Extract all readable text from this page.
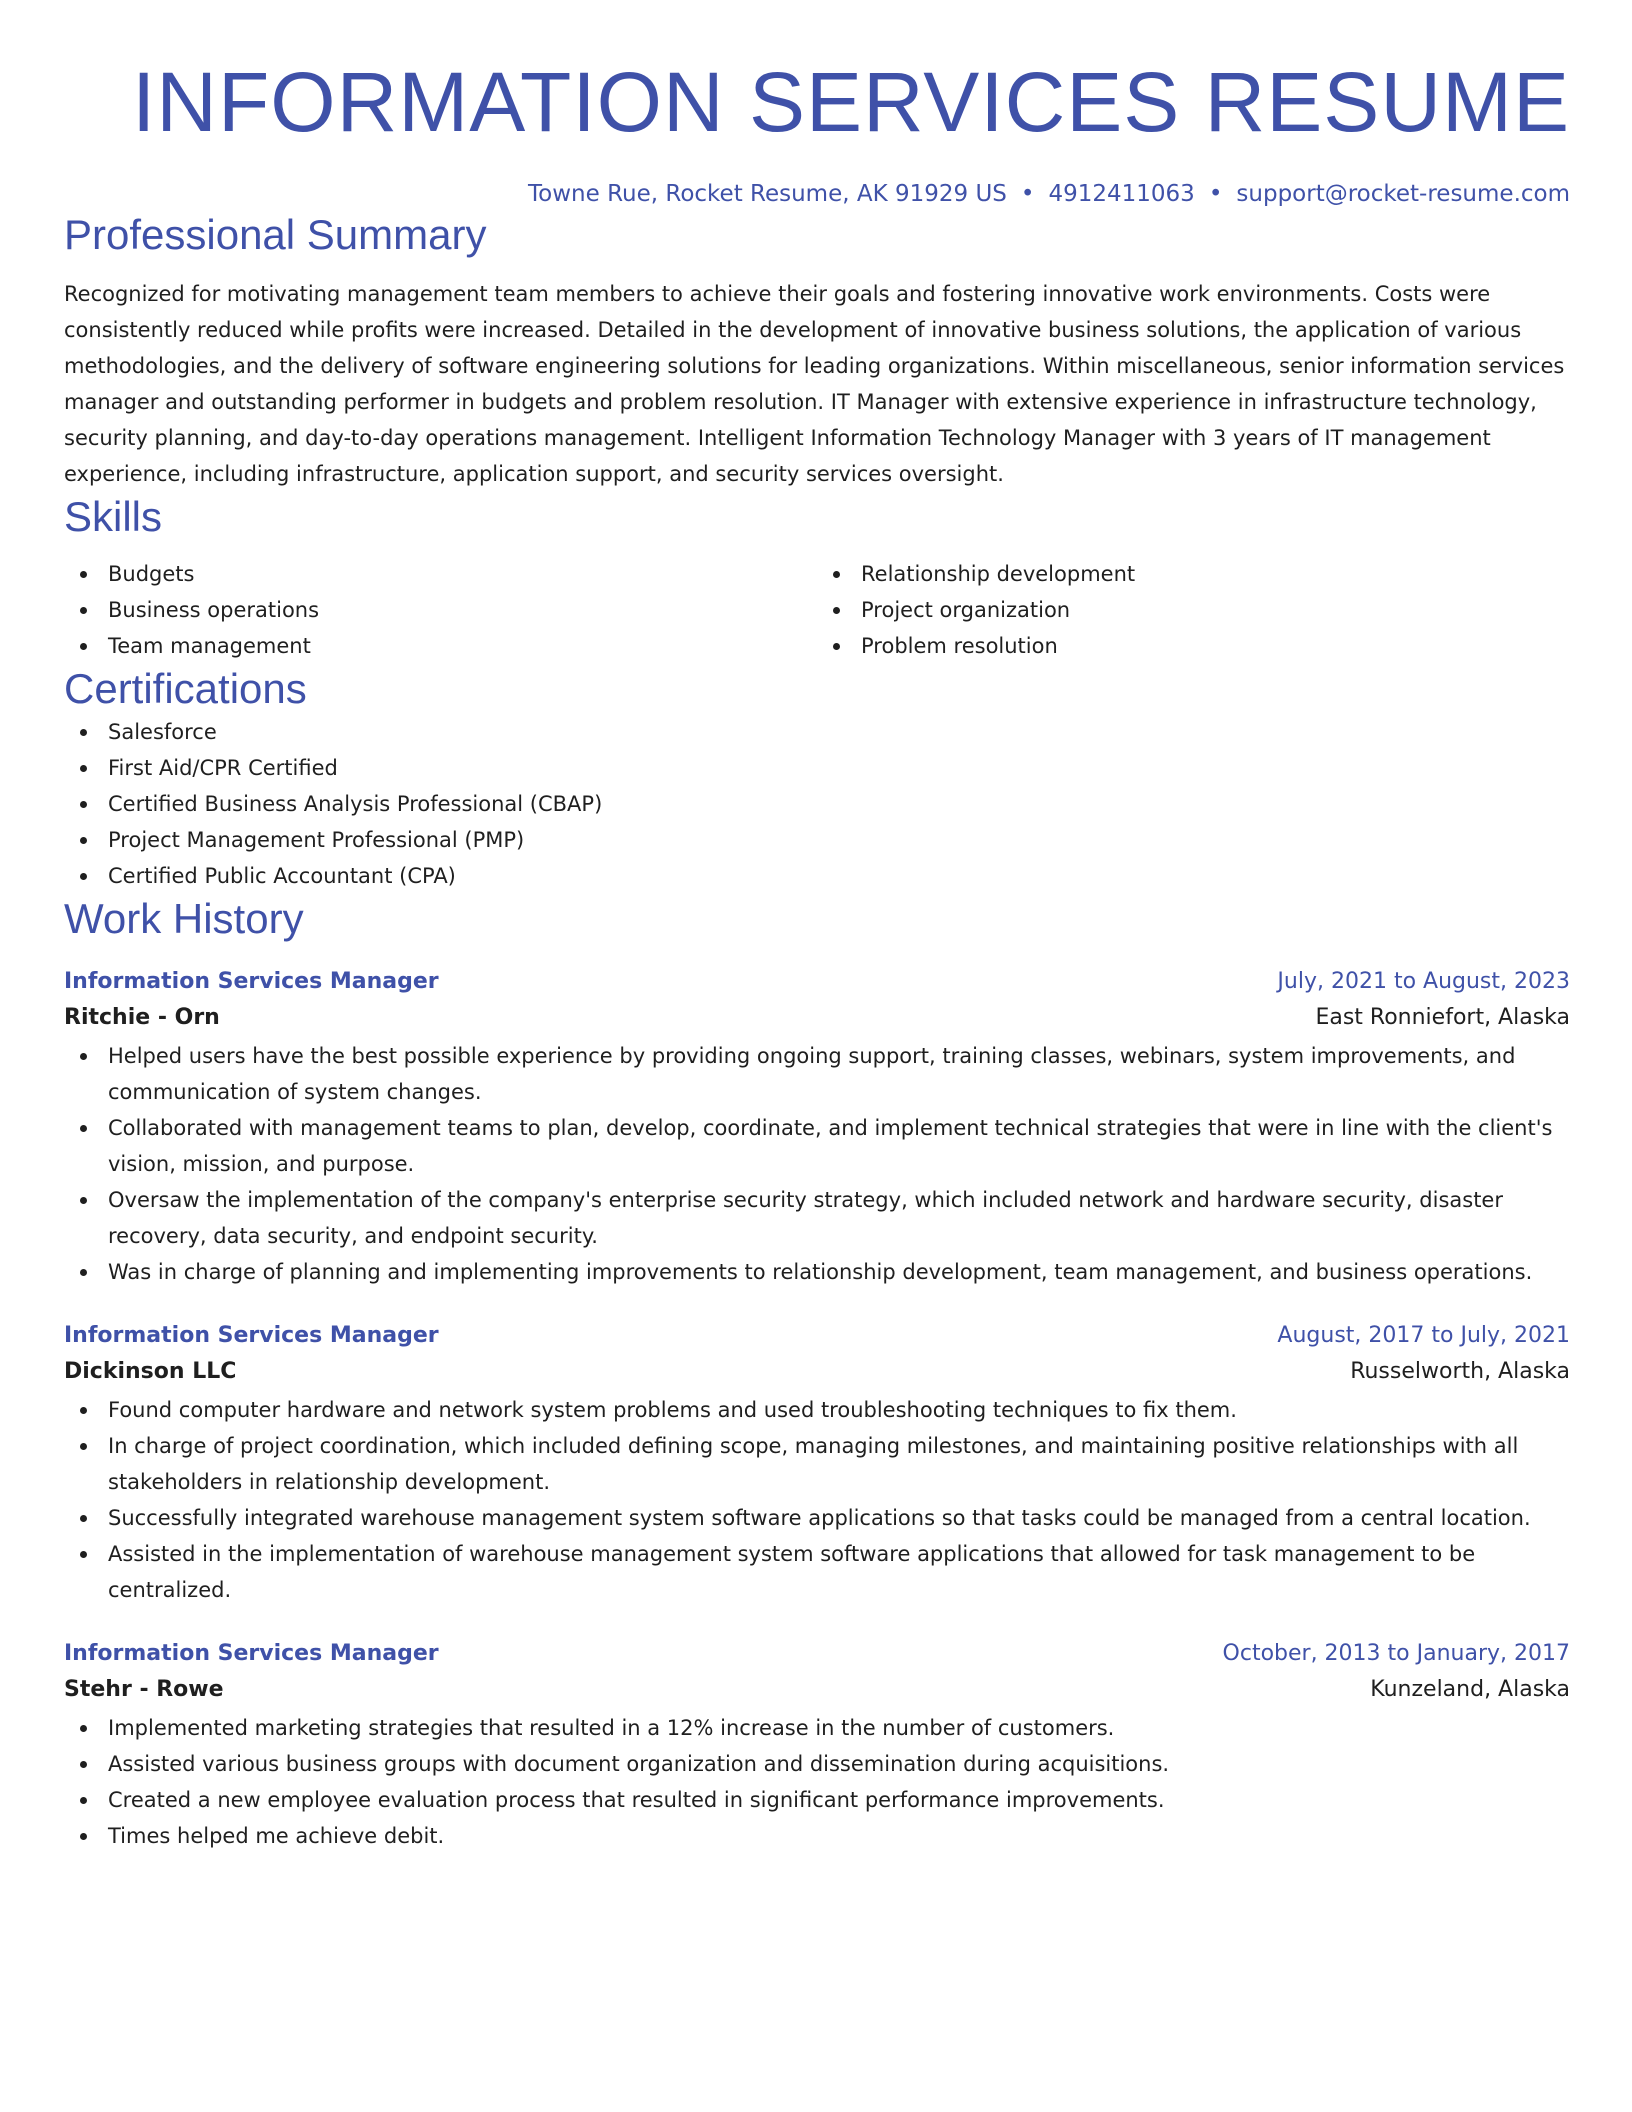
INFORMATION SERVICES RESUME
Towne Rue, Rocket Resume, AK 91929 US • 4912411063 • support@rocket-resume.com
Professional Summary
Recognized for motivating management team members to achieve their goals and fostering innovative work environments. Costs were consistently reduced while profits were increased. Detailed in the development of innovative business solutions, the application of various methodologies, and the delivery of software engineering solutions for leading organizations. Within miscellaneous, senior information services manager and outstanding performer in budgets and problem resolution. IT Manager with extensive experience in infrastructure technology, security planning, and day-to-day operations management. Intelligent Information Technology Manager with 3 years of IT management experience, including infrastructure, application support, and security services oversight.
Skills
Budgets
Business operations
Team management
Relationship development
Project organization
Problem resolution
Certifications
Salesforce
First Aid/CPR Certified
Certified Business Analysis Professional (CBAP)
Project Management Professional (PMP)
Certified Public Accountant (CPA)
Work History
Information Services Manager	July, 2021 to August, 2023
Ritchie - Orn	East Ronniefort, Alaska
Helped users have the best possible experience by providing ongoing support, training classes, webinars, system improvements, and communication of system changes.
Collaborated with management teams to plan, develop, coordinate, and implement technical strategies that were in line with the client's vision, mission, and purpose.
Oversaw the implementation of the company's enterprise security strategy, which included network and hardware security, disaster recovery, data security, and endpoint security.
Was in charge of planning and implementing improvements to relationship development, team management, and business operations.
Information Services Manager	August, 2017 to July, 2021
Dickinson LLC	Russelworth, Alaska
Found computer hardware and network system problems and used troubleshooting techniques to fix them.
In charge of project coordination, which included defining scope, managing milestones, and maintaining positive relationships with all stakeholders in relationship development.
Successfully integrated warehouse management system software applications so that tasks could be managed from a central location.
Assisted in the implementation of warehouse management system software applications that allowed for task management to be centralized.
Information Services Manager	October, 2013 to January, 2017
Stehr - Rowe	Kunzeland, Alaska
Implemented marketing strategies that resulted in a 12% increase in the number of customers.
Assisted various business groups with document organization and dissemination during acquisitions.
Created a new employee evaluation process that resulted in significant performance improvements.
Times helped me achieve debit.
